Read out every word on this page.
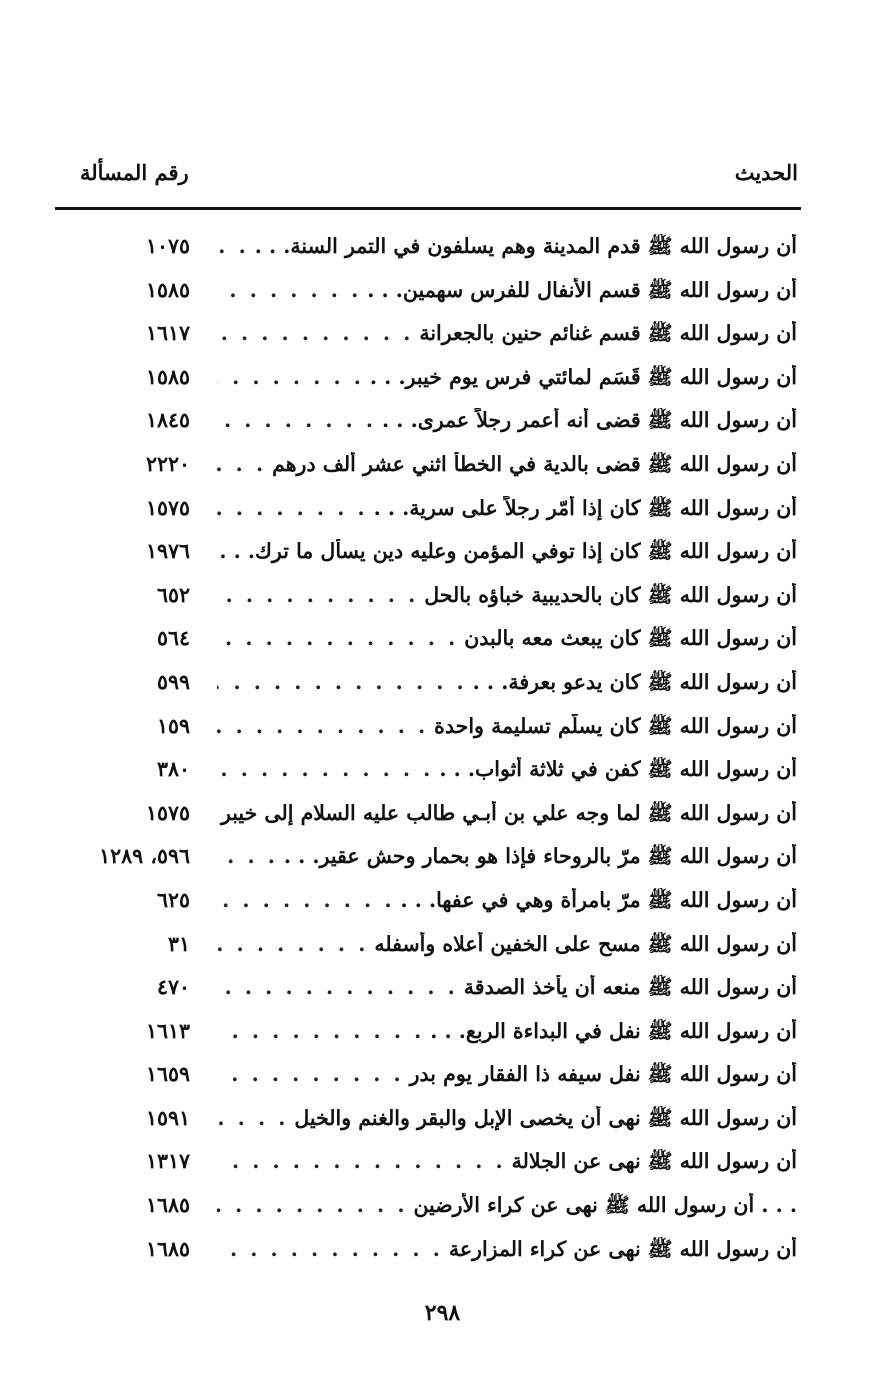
الحديث
رقم المسألة
أن رسول الله ﷺ قدم المدينة وهم يسلفون في التمر السنة. . .
. . .
١٠٧٥
أن رسول الله ﷺ قسم الأنفال للفرس سهمين. . .
. . .
١٥٨٥
أن رسول الله ﷺ قسم غنائم حنين بالجعرانة
. . .
١٦١٧
أن رسول الله ﷺ قَسَم لمائتي فرس يوم خيبر. . .
. . .
١٥٨٥
أن رسول الله ﷺ قضى أنه أعمر رجلاً عمرى. . .
. . .
١٨٤٥
أن رسول الله ﷺ قضى بالدية في الخطأ اثني عشر ألف درهم
. . .
٢٢٢٠
أن رسول الله ﷺ كان إذا أمّر رجلاً على سرية. . .
. . .
١٥٧٥
أن رسول الله ﷺ كان إذا توفي المؤمن وعليه دين يسأل ما ترك. . .
. . .
١٩٧٦
أن رسول الله ﷺ كان بالحديبية خباؤه بالحل
. . .
٦٥٢
أن رسول الله ﷺ كان يبعث معه بالبدن
. . .
٥٦٤
أن رسول الله ﷺ كان يدعو بعرفة. . .
. . .
٥٩٩
أن رسول الله ﷺ كان يسلّم تسليمة واحدة
. . .
١٥٩
أن رسول الله ﷺ كفن في ثلاثة أثواب. . .
. . .
٣٨٠
أن رسول الله ﷺ لما وجه علي بن أبـي طالب عليه السلام إلى خيبر
. . .
١٥٧٥
أن رسول الله ﷺ مرّ بالروحاء فإذا هو بحمار وحش عقير. . .
. . .
٥٩٦، ١٢٨٩
أن رسول الله ﷺ مرّ بامرأة وهي في عفها. . .
. . .
٦٢٥
أن رسول الله ﷺ مسح على الخفين أعلاه وأسفله
. . .
٣١
أن رسول الله ﷺ منعه أن يأخذ الصدقة
. . .
٤٧٠
أن رسول الله ﷺ نفل في البداءة الربع. . .
. . .
١٦١٣
أن رسول الله ﷺ نفل سيفه ذا الفقار يوم بدر
. . .
١٦٥٩
أن رسول الله ﷺ نهى أن يخصى الإبل والبقر والغنم والخيل
. . .
١٥٩١
أن رسول الله ﷺ نهى عن الجلالة
. . .
١٣١٧
. . . أن رسول الله ﷺ نهى عن كراء الأرضين
. . .
١٦٨٥
أن رسول الله ﷺ نهى عن كراء المزارعة
. . .
١٦٨٥
٢٩٨
